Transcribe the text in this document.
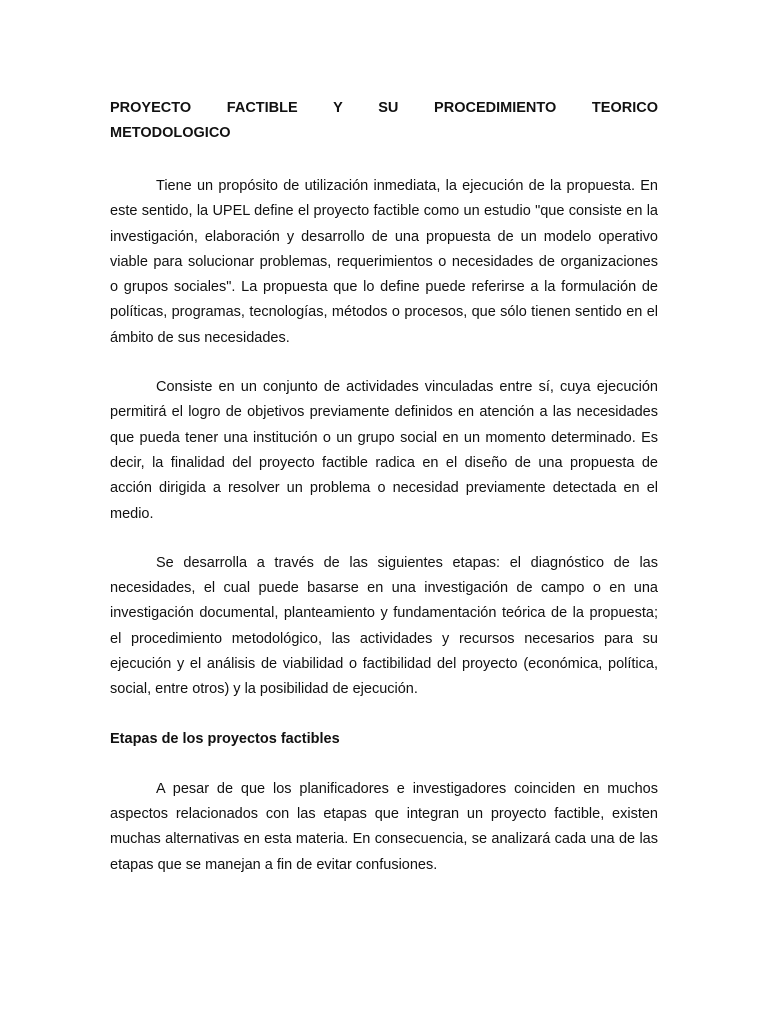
PROYECTO FACTIBLE Y SU PROCEDIMIENTO TEORICO

METODOLOGICO

Tiene un propósito de utilización inmediata, la ejecución de la propuesta. En este sentido, la UPEL define el proyecto factible como un estudio "que consiste en la investigación, elaboración y desarrollo de una propuesta de un modelo operativo viable para solucionar problemas, requerimientos o necesidades de organizaciones o grupos sociales". La propuesta que lo define puede referirse a la formulación de políticas, programas, tecnologías, métodos o procesos, que sólo tienen sentido en el ámbito de sus necesidades.

Consiste en un conjunto de actividades vinculadas entre sí, cuya ejecución permitirá el logro de objetivos previamente definidos en atención a las necesidades que pueda tener una institución o un grupo social en un momento determinado. Es decir, la finalidad del proyecto factible radica en el diseño de una propuesta de acción dirigida a resolver un problema o necesidad previamente detectada en el medio.

Se desarrolla a través de las siguientes etapas: el diagnóstico de las necesidades, el cual puede basarse en una investigación de campo o en una investigación documental, planteamiento y fundamentación teórica de la propuesta; el procedimiento metodológico, las actividades y recursos necesarios para su ejecución y el análisis de viabilidad o factibilidad del proyecto (económica, política, social, entre otros) y la posibilidad de ejecución.

Etapas de los proyectos factibles

A pesar de que los planificadores e investigadores coinciden en muchos aspectos relacionados con las etapas que integran un proyecto factible, existen muchas alternativas en esta materia. En consecuencia, se analizará cada una de las etapas que se manejan a fin de evitar confusiones.
